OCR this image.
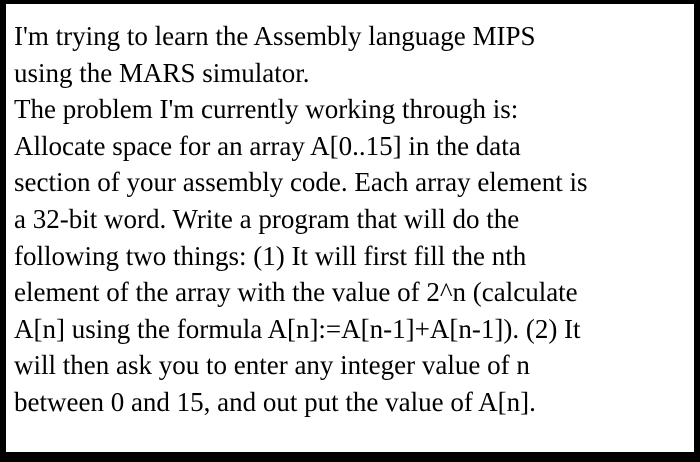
I'm trying to learn the Assembly language MIPS
using the MARS simulator.
The problem I'm currently working through is:
Allocate space for an array A[0..15] in the data
section of your assembly code. Each array element is
a 32-bit word. Write a program that will do the
following two things: (1) It will first fill the nth
element of the array with the value of 2^n (calculate
A[n] using the formula A[n]:=A[n-1]+A[n-1]). (2) It
will then ask you to enter any integer value of n
between 0 and 15, and out put the value of A[n].
